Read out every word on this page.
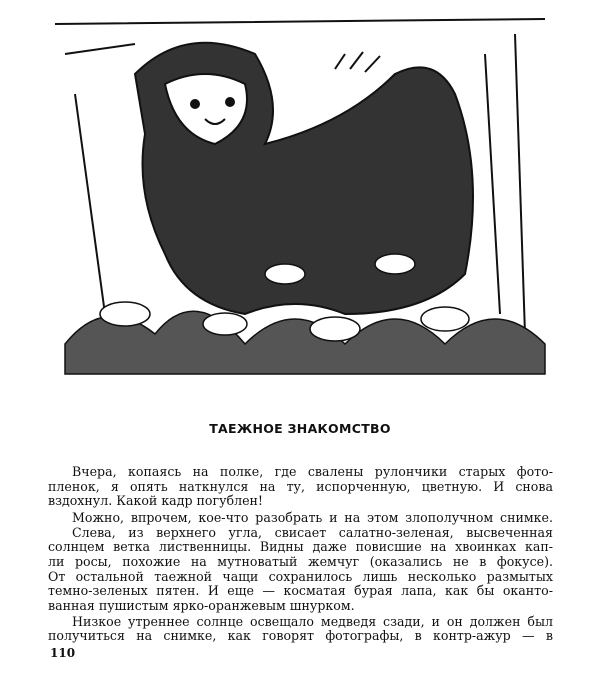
ТАЕЖНОЕ ЗНАКОМСТВО
Вчера, копаясь на полке, где свалены рулончики старых фото-
пленок, я опять наткнулся на ту, испорченную, цветную. И снова
вздохнул. Какой кадр погублен!
Можно, впрочем, кое-что разобрать и на этом злополучном снимке.
Слева, из верхнего угла, свисает салатно-зеленая, высвеченная
солнцем ветка лиственницы. Видны даже повисшие на хвоинках кап-
ли росы, похожие на мутноватый жемчуг (оказались не в фокусе).
От остальной таежной чащи сохранилось лишь несколько размытых
темно-зеленых пятен. И еще — косматая бурая лапа, как бы оканто-
ванная пушистым ярко-оранжевым шнурком.
Низкое утреннее солнце освещало медведя сзади, и он должен был
получиться на снимке, как говорят фотографы, в контр-ажур — в
110
